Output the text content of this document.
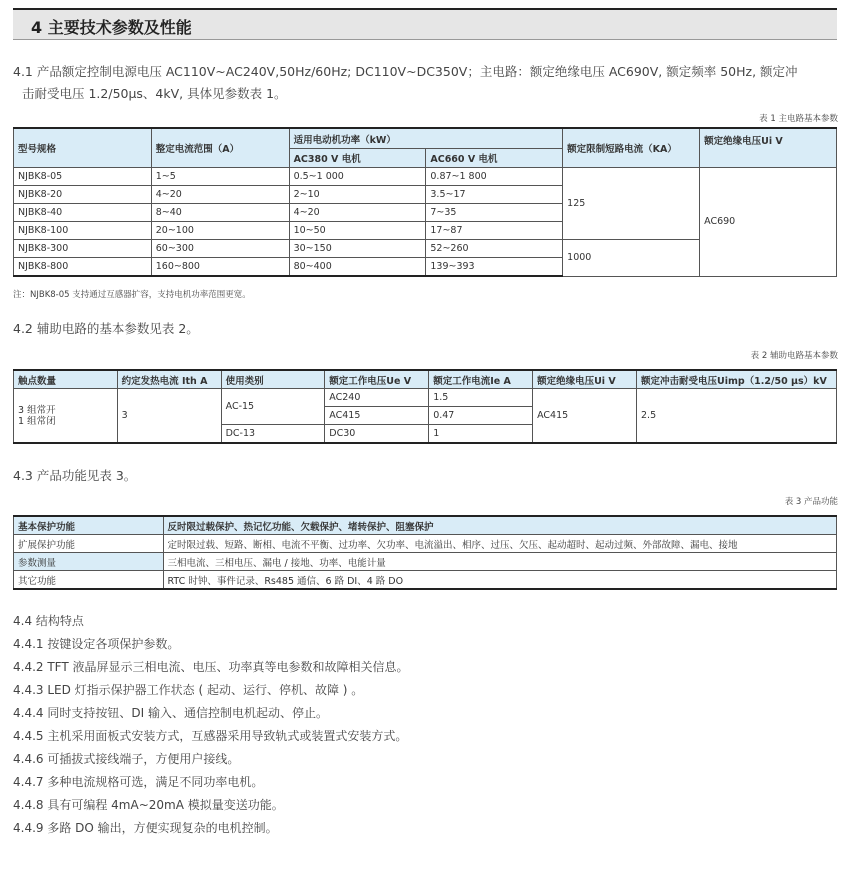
4 主要技术参数及性能
4.1 产品额定控制电源电压 AC110V~AC240V,50Hz/60Hz; DC110V~DC350V；主电路：额定绝缘电压 AC690V, 额定频率 50Hz, 额定冲
击耐受电压 1.2/50μs、4kV, 具体见参数表 1。
表 1 主电路基本参数
型号规格	整定电流范围（A）	适用电动机功率（kW）		额定限制短路电流（KA）	额定绝缘电压Ui V
		AC380 V 电机	AC660 V 电机		
NJBK8-05	1~5	0.5~1 000	0.87~1 800	125	AC690
NJBK8-20	4~20	2~10	3.5~17		
NJBK8-40	8~40	4~20	7~35		
NJBK8-100	20~100	10~50	17~87		
NJBK8-300	60~300	30~150	52~260	1000	
NJBK8-800	160~800	80~400	139~393		
注：NJBK8-05 支持通过互感器扩容，支持电机功率范围更宽。
4.2 辅助电路的基本参数见表 2。
表 2 辅助电路基本参数
触点数量	约定发热电流 Ith A	使用类别	额定工作电压Ue V	额定工作电流Ie A	额定绝缘电压Ui V	额定冲击耐受电压Uimp（1.2/50 μs）kV

3 组常开
1 组常闭	3	AC-15	AC240	1.5	AC415	2.5
			AC415	0.47		
		DC-13	DC30	1		
4.3 产品功能见表 3。
表 3 产品功能
基本保护功能	反时限过载保护、热记忆功能、欠载保护、堵转保护、阻塞保护
扩展保护功能	定时限过载、短路、断相、电流不平衡、过功率、欠功率、电流溢出、相序、过压、欠压、起动超时、起动过频、外部故障、漏电、接地
参数测量	三相电流、三相电压、漏电 / 接地、功率、电能计量
其它功能	RTC 时钟、事件记录、Rs485 通信、6 路 DI、4 路 DO
4.4 结构特点
4.4.1 按键设定各项保护参数。
4.4.2 TFT 液晶屏显示三相电流、电压、功率真等电参数和故障相关信息。
4.4.3 LED 灯指示保护器工作状态 ( 起动、运行、停机、故障 ) 。
4.4.4 同时支持按钮、DI 输入、通信控制电机起动、停止。
4.4.5 主机采用面板式安装方式，互感器采用导致轨式或装置式安装方式。
4.4.6 可插拔式接线端子，方便用户接线。
4.4.7 多种电流规格可选，满足不同功率电机。
4.4.8 具有可编程 4mA~20mA 模拟量变送功能。
4.4.9 多路 DO 输出，方便实现复杂的电机控制。
